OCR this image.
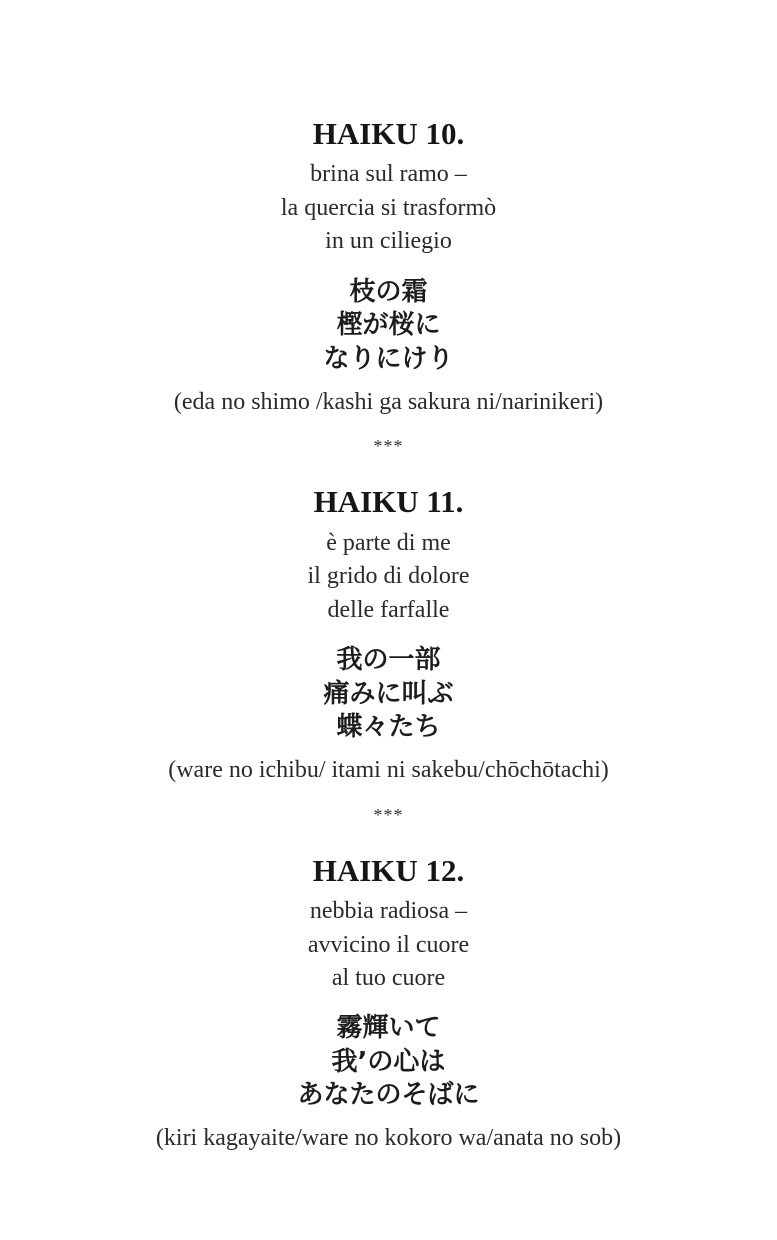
HAIKU 10.
brina sul ramo –
la quercia si trasformò
in un ciliegio
枝の霜
樫が桜に
なりにけり
(eda no shimo /kashi ga sakura ni/narinikeri)
***
HAIKU 11.
è parte di me
il grido di dolore
delle farfalle
我の一部
痛みに叫ぶ
蝶々たち
(ware no ichibu/ itami ni sakebu/chōchōtachi)
***
HAIKU 12.
nebbia radiosa –
avvicino il cuore
al tuo cuore
霧輝いて
我’の心は
あなたのそばに
(kiri kagayaite/ware no kokoro wa/anata no sob)
